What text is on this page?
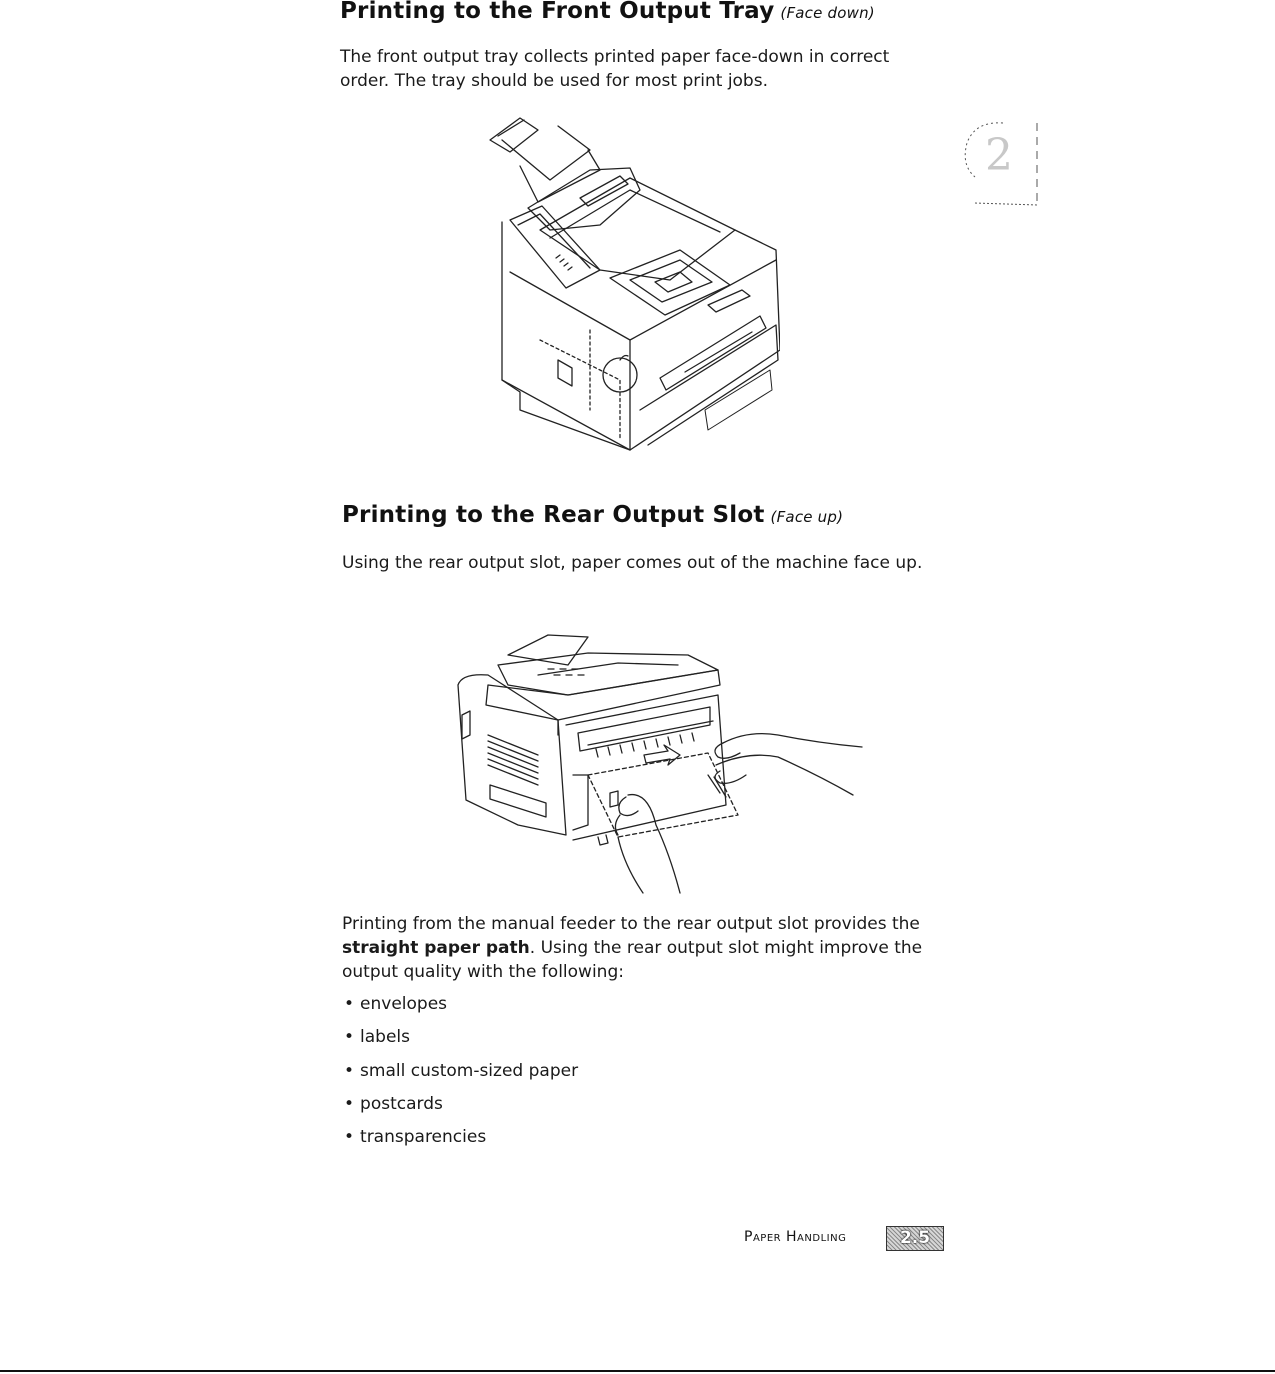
Printing to the Front Output Tray (Face down)

The front output tray collects printed paper face-down in correct order. The tray should be used for most print jobs.

Printing to the Rear Output Slot (Face up)

Using the rear output slot, paper comes out of the machine face up.

Printing from the manual feeder to the rear output slot provides the straight paper path. Using the rear output slot might improve the output quality with the following:

• envelopes
• labels
• small custom-sized paper
• postcards
• transparencies
2
Paper Handling	2.5
